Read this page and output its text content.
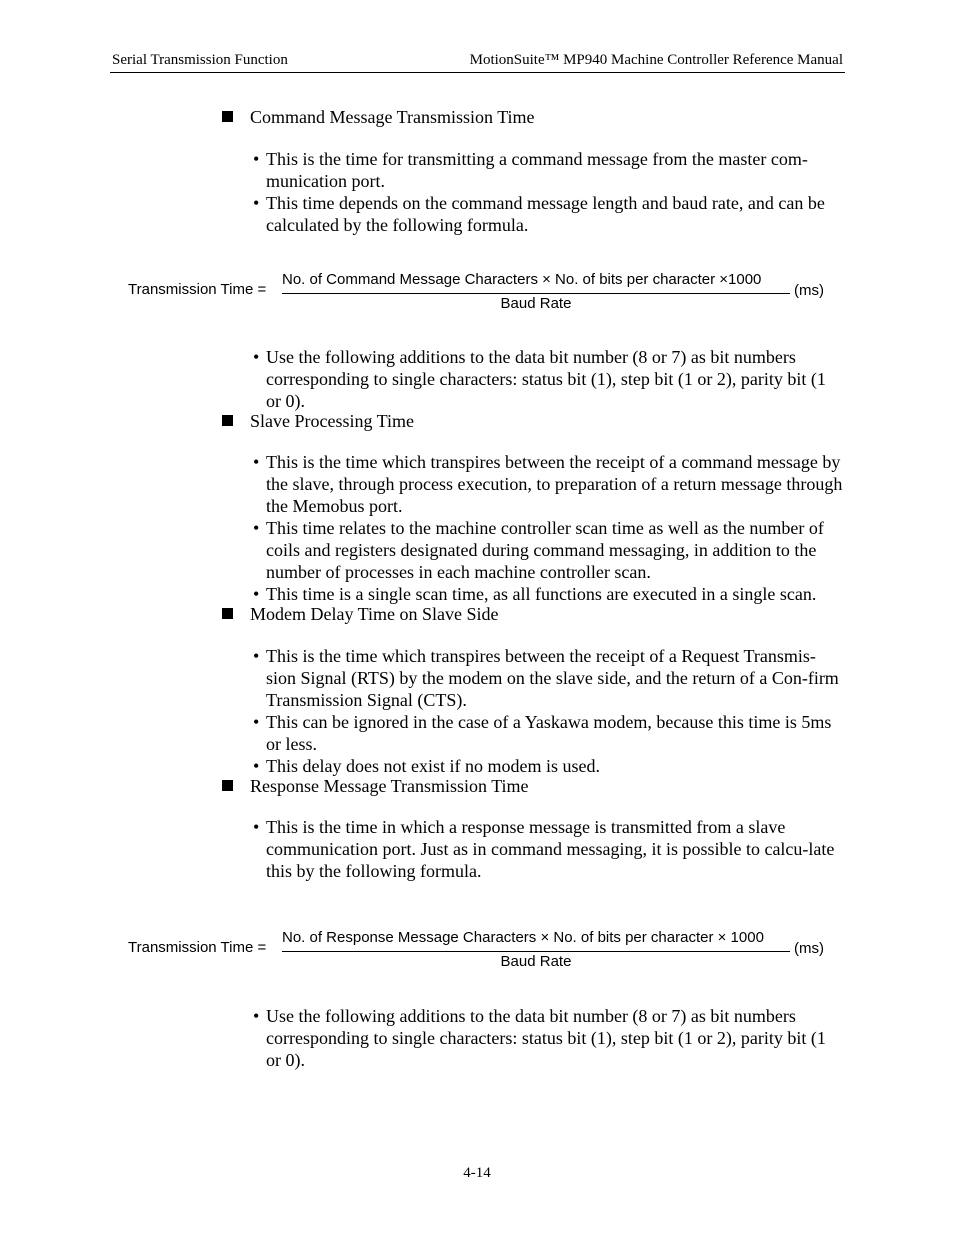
Serial Transmission Function	MotionSuite™ MP940 Machine Controller Reference Manual
Command Message Transmission Time
• This is the time for transmitting a command message from the master com-munication port.
• This time depends on the command message length and baud rate, and can be calculated by the following formula.
Transmission Time =
No. of Command Message Characters × No. of bits per character ×1000
Baud Rate
(ms)
• Use the following additions to the data bit number (8 or 7) as bit numbers corresponding to single characters: status bit (1), step bit (1 or 2), parity bit (1 or 0).
Slave Processing Time
• This is the time which transpires between the receipt of a command message by the slave, through process execution, to preparation of a return message through the Memobus port.
• This time relates to the machine controller scan time as well as the number of coils and registers designated during command messaging, in addition to the number of processes in each machine controller scan.
• This time is a single scan time, as all functions are executed in a single scan.
Modem Delay Time on Slave Side
• This is the time which transpires between the receipt of a Request Transmis-sion Signal (RTS) by the modem on the slave side, and the return of a Con-firm Transmission Signal (CTS).
• This can be ignored in the case of a Yaskawa modem, because this time is 5ms or less.
• This delay does not exist if no modem is used.
Response Message Transmission Time
• This is the time in which a response message is transmitted from a slave communication port. Just as in command messaging, it is possible to calcu-late this by the following formula.
Transmission Time =
No. of Response Message Characters × No. of bits per character × 1000
Baud Rate
(ms)
• Use the following additions to the data bit number (8 or 7) as bit numbers corresponding to single characters: status bit (1), step bit (1 or 2), parity bit (1 or 0).
4-14
